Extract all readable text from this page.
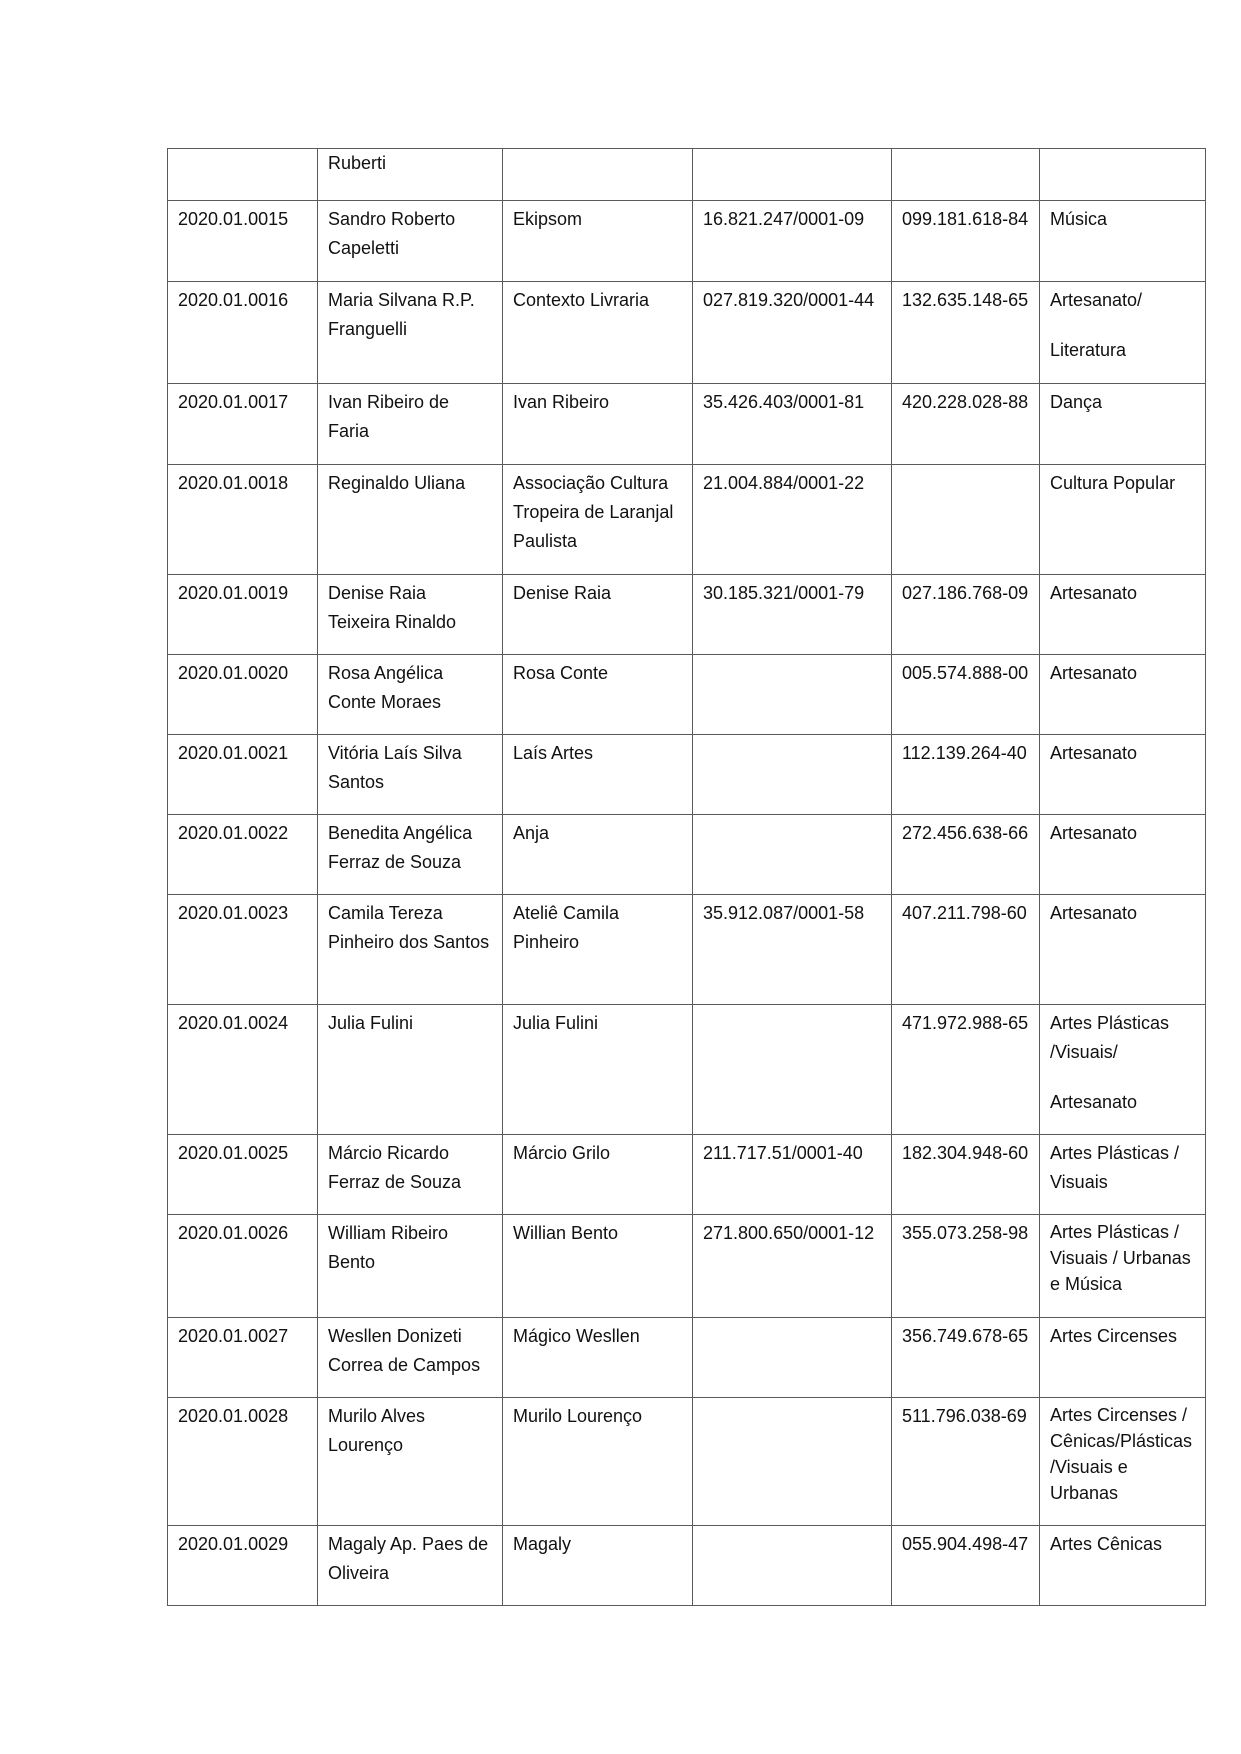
	Ruberti				
2020.01.0015	Sandro Roberto Capeletti	Ekipsom	16.821.247/0001-09	099.181.618-84	Música
2020.01.0016	Maria Silvana R.P. Franguelli	Contexto Livraria	027.819.320/0001-44	132.635.148-65	Artesanato/
Literatura

2020.01.0017	Ivan Ribeiro de Faria	Ivan Ribeiro	35.426.403/0001-81	420.228.028-88	Dança
2020.01.0018	Reginaldo Uliana	Associação Cultura Tropeira de Laranjal Paulista	21.004.884/0001-22		Cultura Popular
2020.01.0019	Denise Raia Teixeira Rinaldo	Denise Raia	30.185.321/0001-79	027.186.768-09	Artesanato
2020.01.0020	Rosa Angélica Conte Moraes	Rosa Conte		005.574.888-00	Artesanato
2020.01.0021	Vitória Laís Silva Santos	Laís Artes		112.139.264-40	Artesanato
2020.01.0022	Benedita Angélica Ferraz de Souza	Anja		272.456.638-66	Artesanato
2020.01.0023	Camila Tereza Pinheiro dos Santos	Ateliê Camila Pinheiro	35.912.087/0001-58	407.211.798-60	Artesanato
2020.01.0024	Julia Fulini	Julia Fulini		471.972.988-65	Artes Plásticas /Visuais/
Artesanato

2020.01.0025	Márcio Ricardo Ferraz de Souza	Márcio Grilo	211.717.51/0001-40	182.304.948-60	Artes Plásticas / Visuais
2020.01.0026	William Ribeiro Bento	Willian Bento	271.800.650/0001-12	355.073.258-98	Artes Plásticas / Visuais / Urbanas e Música
2020.01.0027	Wesllen Donizeti Correa de Campos	Mágico Wesllen		356.749.678-65	Artes Circenses
2020.01.0028	Murilo Alves Lourenço	Murilo Lourenço		511.796.038-69	Artes Circenses / Cênicas/Plásticas/Visuais e Urbanas
2020.01.0029	Magaly Ap. Paes de Oliveira	Magaly		055.904.498-47	Artes Cênicas
